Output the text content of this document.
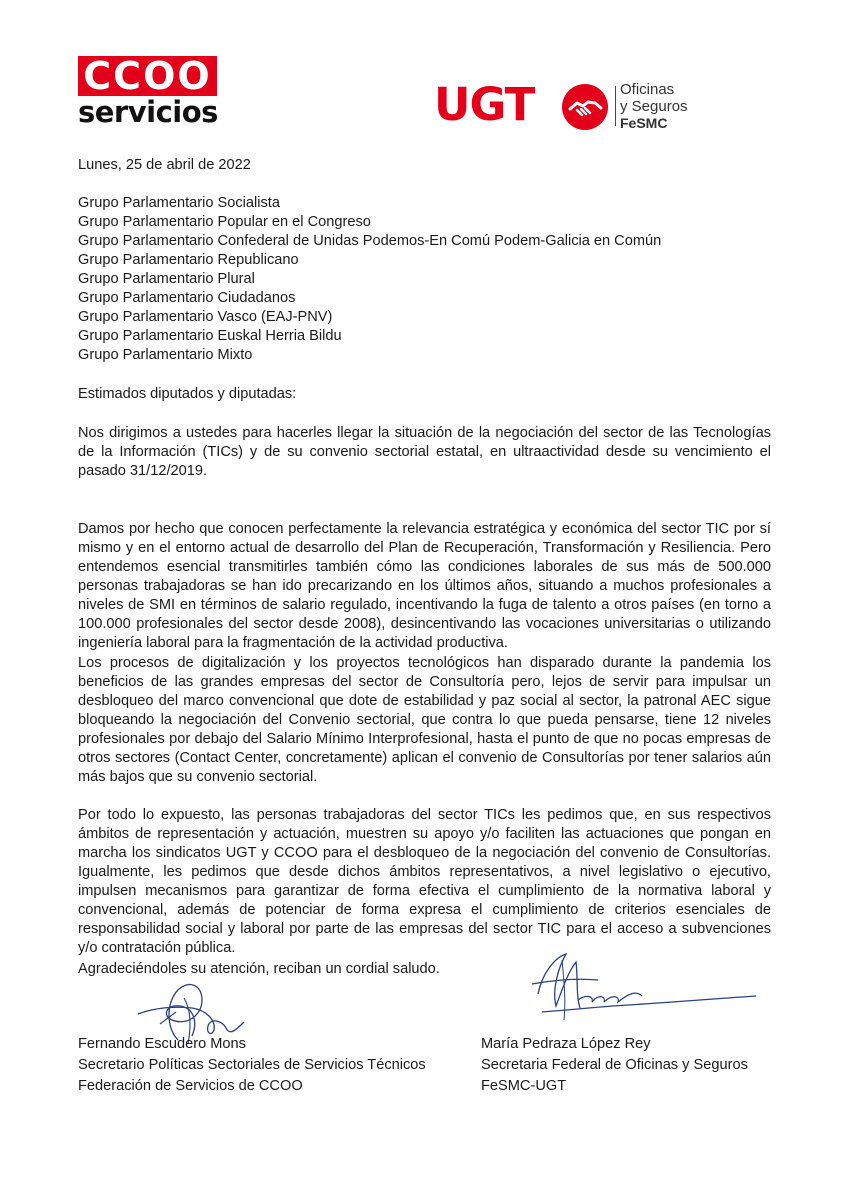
CCOO
servicios	UGT	Oficinas
y Seguros
FeSMC
Lunes, 25 de abril de 2022
Grupo Parlamentario Socialista
Grupo Parlamentario Popular en el Congreso
Grupo Parlamentario Confederal de Unidas Podemos-En Comú Podem-Galicia en Común
Grupo Parlamentario Republicano
Grupo Parlamentario Plural
Grupo Parlamentario Ciudadanos
Grupo Parlamentario Vasco (EAJ-PNV)
Grupo Parlamentario Euskal Herria Bildu
Grupo Parlamentario Mixto
Estimados diputados y diputadas:

Nos dirigimos a ustedes para hacerles llegar la situación de la negociación del sector de las Tecnologías de la Información (TICs) y de su convenio sectorial estatal, en ultraactividad desde su vencimiento el pasado 31/12/2019.

Damos por hecho que conocen perfectamente la relevancia estratégica y económica del sector TIC por sí mismo y en el entorno actual de desarrollo del Plan de Recuperación, Transformación y Resiliencia. Pero entendemos esencial transmitirles también cómo las condiciones laborales de sus más de 500.000 personas trabajadoras se han ido precarizando en los últimos años, situando a muchos profesionales a niveles de SMI en términos de salario regulado, incentivando la fuga de talento a otros países (en torno a 100.000 profesionales del sector desde 2008), desincentivando las vocaciones universitarias o utilizando ingeniería laboral para la fragmentación de la actividad productiva.

Los procesos de digitalización y los proyectos tecnológicos han disparado durante la pandemia los beneficios de las grandes empresas del sector de Consultoría pero, lejos de servir para impulsar un desbloqueo del marco convencional que dote de estabilidad y paz social al sector, la patronal AEC sigue bloqueando la negociación del Convenio sectorial, que contra lo que pueda pensarse, tiene 12 niveles profesionales por debajo del Salario Mínimo Interprofesional, hasta el punto de que no pocas empresas de otros sectores (Contact Center, concretamente) aplican el convenio de Consultorías por tener salarios aún más bajos que su convenio sectorial.

Por todo lo expuesto, las personas trabajadoras del sector TICs les pedimos que, en sus respectivos ámbitos de representación y actuación, muestren su apoyo y/o faciliten las actuaciones que pongan en marcha los sindicatos UGT y CCOO para el desbloqueo de la negociación del convenio de Consultorías. Igualmente, les pedimos que desde dichos ámbitos representativos, a nivel legislativo o ejecutivo, impulsen mecanismos para garantizar de forma efectiva el cumplimiento de la normativa laboral y convencional, además de potenciar de forma expresa el cumplimiento de criterios esenciales de responsabilidad social y laboral por parte de las empresas del sector TIC para el acceso a subvenciones y/o contratación pública.

Agradeciéndoles su atención, reciban un cordial saludo.
Fernando Escudero Mons
Secretario Políticas Sectoriales de Servicios Técnicos
Federación de Servicios de CCOO
María Pedraza López Rey
Secretaria Federal de Oficinas y Seguros
FeSMC-UGT
